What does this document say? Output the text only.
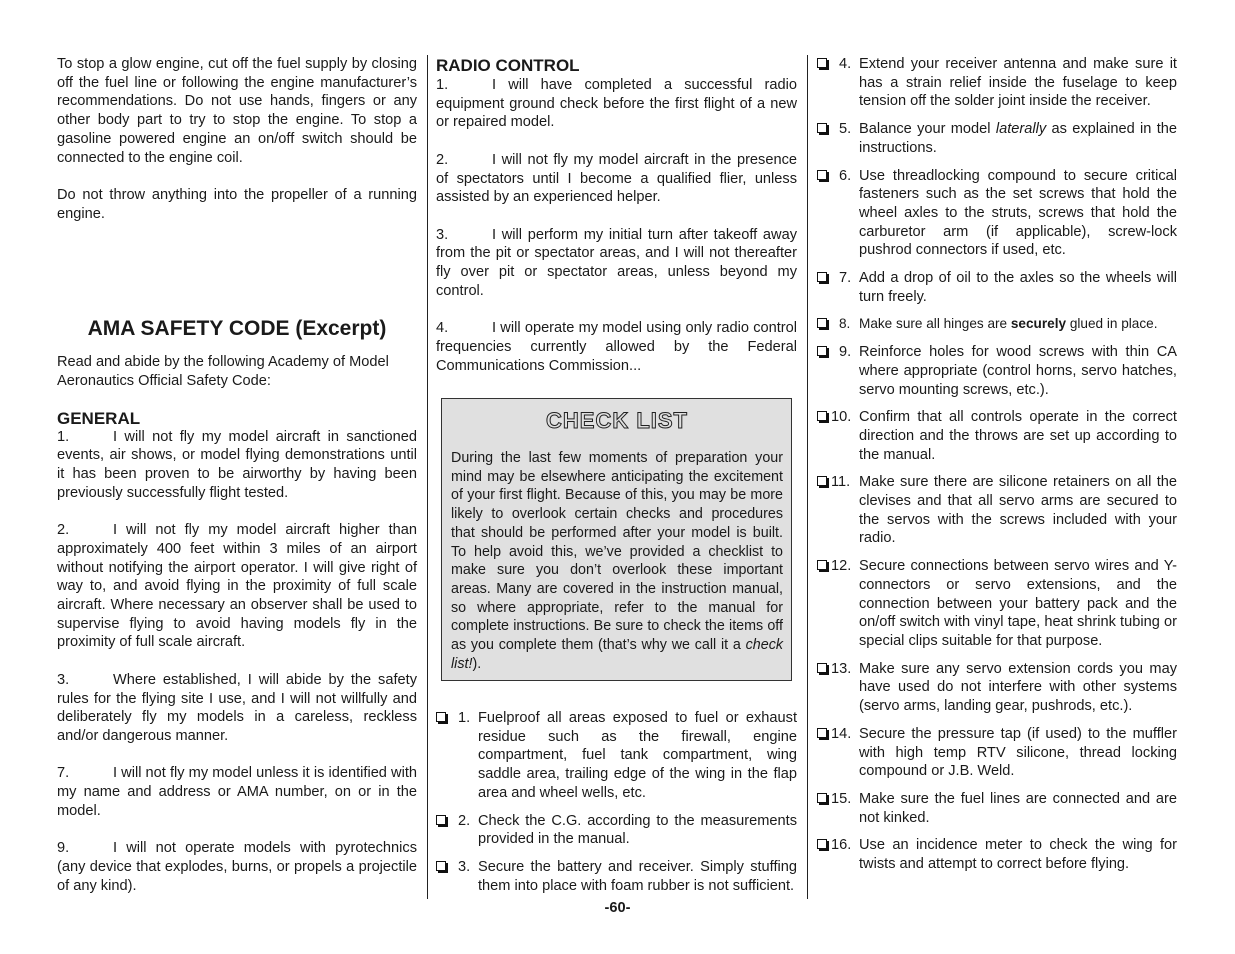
To stop a glow engine, cut off the fuel supply by closing off the fuel line or following the engine manufacturer’s recommendations. Do not use hands, fingers or any other body part to try to stop the engine. To stop a gasoline powered engine an on/off switch should be connected to the engine coil.

Do not throw anything into the propeller of a running engine.

AMA SAFETY CODE (Excerpt)

Read and abide by the following Academy of Model Aeronautics Official Safety Code:

GENERAL

1.	I will not fly my model aircraft in sanctioned events, air shows, or model flying demonstrations until it has been proven to be airworthy by having been previously successfully flight tested.

2.	I will not fly my model aircraft higher than approximately 400 feet within 3 miles of an airport without notifying the airport operator. I will give right of way to, and avoid flying in the proximity of full scale aircraft. Where necessary an observer shall be used to supervise flying to avoid having models fly in the proximity of full scale aircraft.

3.	Where established, I will abide by the safety rules for the flying site I use, and I will not willfully and deliberately fly my models in a careless, reckless and/or dangerous manner.

7.	I will not fly my model unless it is identified with my name and address or AMA number, on or in the model.

9.	I will not operate models with pyrotechnics (any device that explodes, burns, or propels a projectile of any kind).

RADIO CONTROL

1.	I will have completed a successful radio equipment ground check before the first flight of a new or repaired model.

2.	I will not fly my model aircraft in the presence of spectators until I become a qualified flier, unless assisted by an experienced helper.

3.	I will perform my initial turn after takeoff away from the pit or spectator areas, and I will not thereafter fly over pit or spectator areas, unless beyond my control.

4.	I will operate my model using only radio control frequencies currently allowed by the Federal Communications Commission...

CHECK LIST

During the last few moments of preparation your mind may be elsewhere anticipating the excitement of your first flight. Because of this, you may be more likely to overlook certain checks and procedures that should be performed after your model is built. To help avoid this, we’ve provided a checklist to make sure you don’t overlook these important areas. Many are covered in the instruction manual, so where appropriate, refer to the manual for complete instructions. Be sure to check the items off as you complete them (that’s why we call it a check list!).

1. Fuelproof all areas exposed to fuel or exhaust residue such as the firewall, engine compartment, fuel tank compartment, wing saddle area, trailing edge of the wing in the flap area and wheel wells, etc.

2. Check the C.G. according to the measurements provided in the manual.

3. Secure the battery and receiver. Simply stuffing them into place with foam rubber is not sufficient.

4. Extend your receiver antenna and make sure it has a strain relief inside the fuselage to keep tension off the solder joint inside the receiver.

5. Balance your model laterally as explained in the instructions.

6. Use threadlocking compound to secure critical fasteners such as the set screws that hold the wheel axles to the struts, screws that hold the carburetor arm (if applicable), screw-lock pushrod connectors if used, etc.

7. Add a drop of oil to the axles so the wheels will turn freely.

8. Make sure all hinges are securely glued in place.

9. Reinforce holes for wood screws with thin CA where appropriate (control horns, servo hatches, servo mounting screws, etc.).

10. Confirm that all controls operate in the correct direction and the throws are set up according to the manual.

11. Make sure there are silicone retainers on all the clevises and that all servo arms are secured to the servos with the screws included with your radio.

12. Secure connections between servo wires and Y-connectors or servo extensions, and the connection between your battery pack and the on/off switch with vinyl tape, heat shrink tubing or special clips suitable for that purpose.

13. Make sure any servo extension cords you may have used do not interfere with other systems (servo arms, landing gear, pushrods, etc.).

14. Secure the pressure tap (if used) to the muffler with high temp RTV silicone, thread locking compound or J.B. Weld.

15. Make sure the fuel lines are connected and are not kinked.

16. Use an incidence meter to check the wing for twists and attempt to correct before flying.

-60-
